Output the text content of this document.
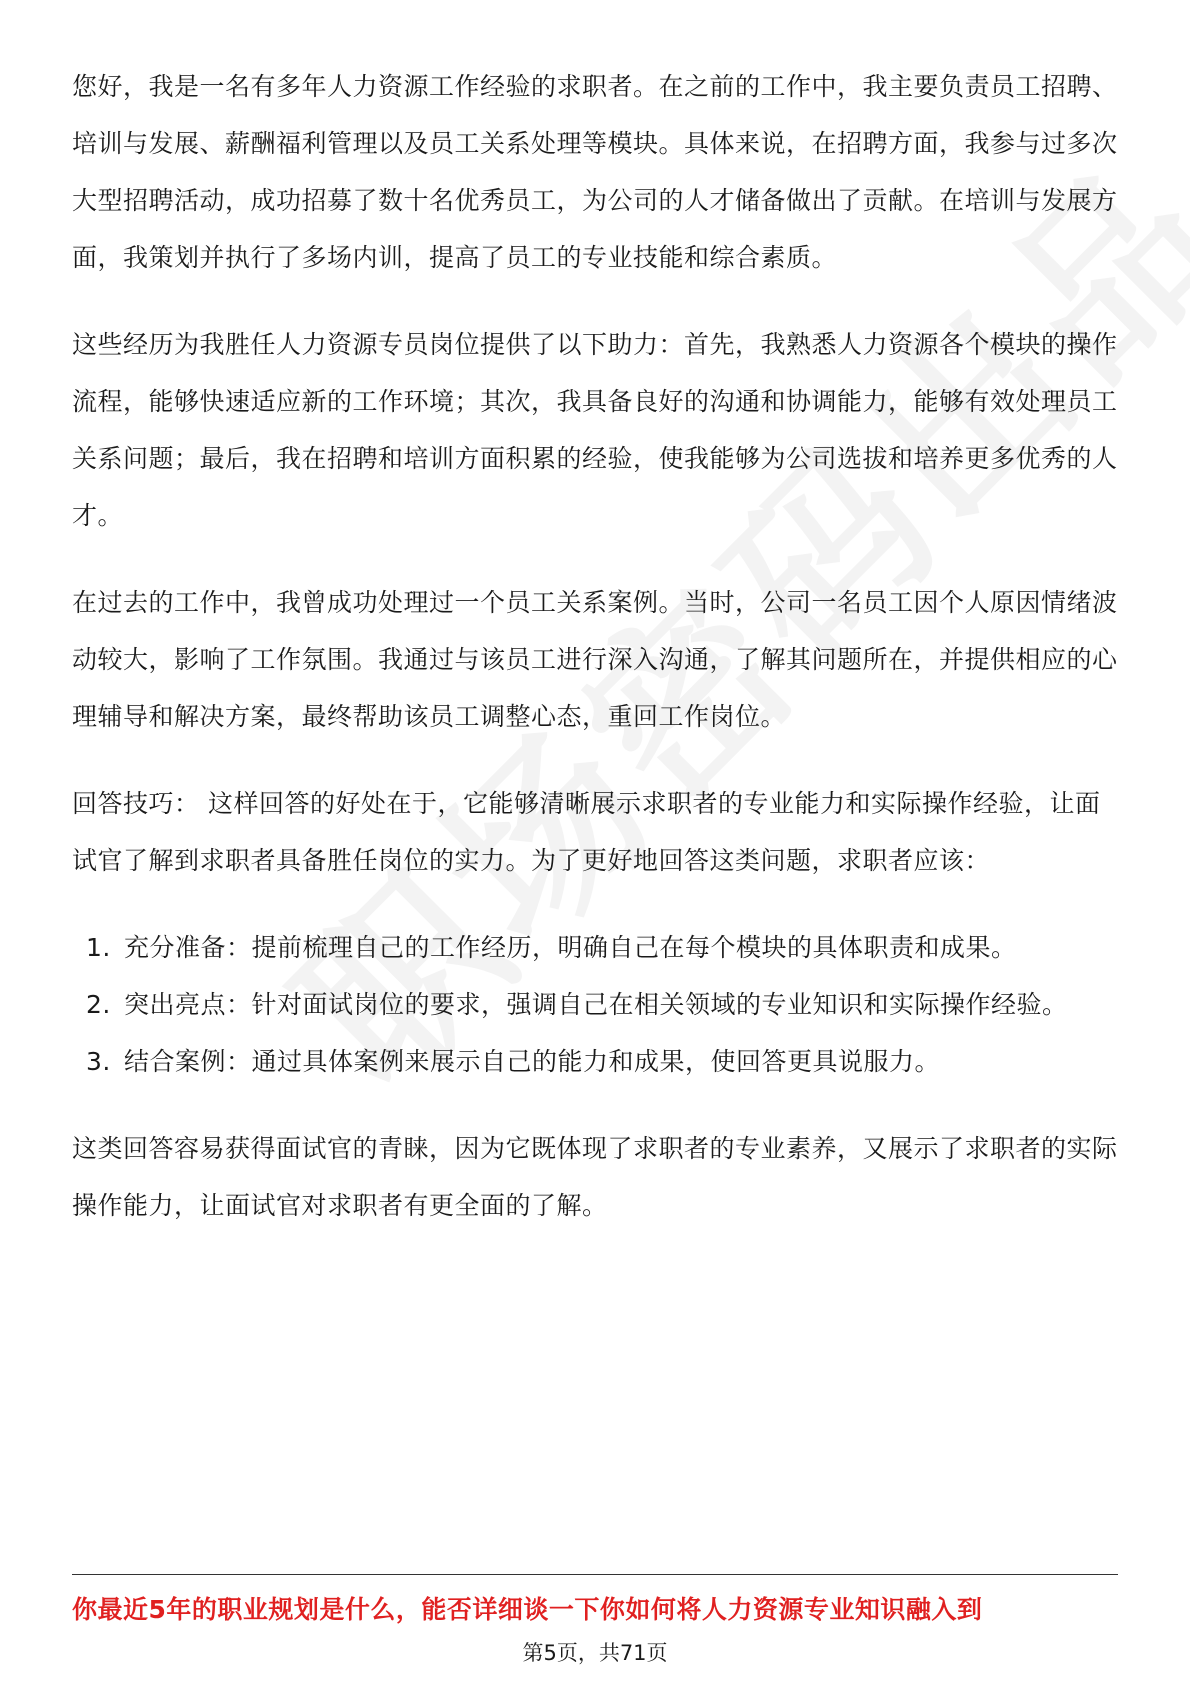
您好，我是一名有多年人力资源工作经验的求职者。在之前的工作中，我主要负责员工招聘、培训与发展、薪酬福利管理以及员工关系处理等模块。具体来说，在招聘方面，我参与过多次大型招聘活动，成功招募了数十名优秀员工，为公司的人才储备做出了贡献。在培训与发展方面，我策划并执行了多场内训，提高了员工的专业技能和综合素质。

这些经历为我胜任人力资源专员岗位提供了以下助力：首先，我熟悉人力资源各个模块的操作流程，能够快速适应新的工作环境；其次，我具备良好的沟通和协调能力，能够有效处理员工关系问题；最后，我在招聘和培训方面积累的经验，使我能够为公司选拔和培养更多优秀的人才。

在过去的工作中，我曾成功处理过一个员工关系案例。当时，公司一名员工因个人原因情绪波动较大，影响了工作氛围。我通过与该员工进行深入沟通，了解其问题所在，并提供相应的心理辅导和解决方案，最终帮助该员工调整心态，重回工作岗位。

回答技巧： 这样回答的好处在于，它能够清晰展示求职者的专业能力和实际操作经验，让面试官了解到求职者具备胜任岗位的实力。为了更好地回答这类问题，求职者应该：

1. 充分准备：提前梳理自己的工作经历，明确自己在每个模块的具体职责和成果。
2. 突出亮点：针对面试岗位的要求，强调自己在相关领域的专业知识和实际操作经验。
3. 结合案例：通过具体案例来展示自己的能力和成果，使回答更具说服力。

这类回答容易获得面试官的青睐，因为它既体现了求职者的专业素养，又展示了求职者的实际操作能力，让面试官对求职者有更全面的了解。

你最近5年的职业规划是什么，能否详细谈一下你如何将人力资源专业知识融入到
第5页，共71页
